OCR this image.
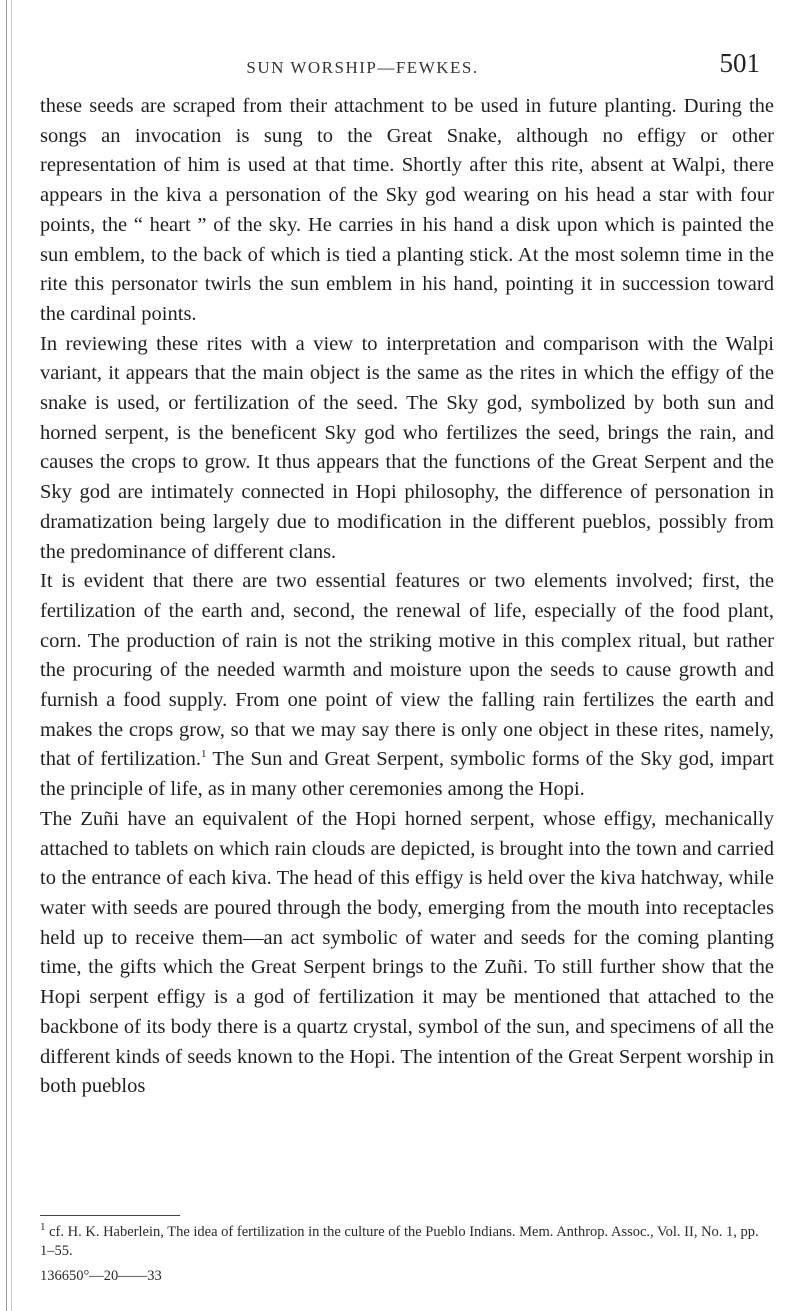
SUN WORSHIP—FEWKES.	501

these seeds are scraped from their attachment to be used in future planting. During the songs an invocation is sung to the Great Snake, although no effigy or other representation of him is used at that time. Shortly after this rite, absent at Walpi, there appears in the kiva a personation of the Sky god wearing on his head a star with four points, the “ heart ” of the sky. He carries in his hand a disk upon which is painted the sun emblem, to the back of which is tied a planting stick. At the most solemn time in the rite this personator twirls the sun emblem in his hand, pointing it in succession toward the cardinal points.

In reviewing these rites with a view to interpretation and comparison with the Walpi variant, it appears that the main object is the same as the rites in which the effigy of the snake is used, or fertilization of the seed. The Sky god, symbolized by both sun and horned serpent, is the beneficent Sky god who fertilizes the seed, brings the rain, and causes the crops to grow. It thus appears that the functions of the Great Serpent and the Sky god are intimately connected in Hopi philosophy, the difference of personation in dramatization being largely due to modification in the different pueblos, possibly from the predominance of different clans.

It is evident that there are two essential features or two elements involved; first, the fertilization of the earth and, second, the renewal of life, especially of the food plant, corn. The production of rain is not the striking motive in this complex ritual, but rather the procuring of the needed warmth and moisture upon the seeds to cause growth and furnish a food supply. From one point of view the falling rain fertilizes the earth and makes the crops grow, so that we may say there is only one object in these rites, namely, that of fertilization.$^1$ The Sun and Great Serpent, symbolic forms of the Sky god, impart the principle of life, as in many other ceremonies among the Hopi.

The Zuñi have an equivalent of the Hopi horned serpent, whose effigy, mechanically attached to tablets on which rain clouds are depicted, is brought into the town and carried to the entrance of each kiva. The head of this effigy is held over the kiva hatchway, while water with seeds are poured through the body, emerging from the mouth into receptacles held up to receive them—an act symbolic of water and seeds for the coming planting time, the gifts which the Great Serpent brings to the Zuñi. To still further show that the Hopi serpent effigy is a god of fertilization it may be mentioned that attached to the backbone of its body there is a quartz crystal, symbol of the sun, and specimens of all the different kinds of seeds known to the Hopi. The intention of the Great Serpent worship in both pueblos

$^1$ cf. H. K. Haberlein, The idea of fertilization in the culture of the Pueblo Indians. Mem. Anthrop. Assoc., Vol. II, No. 1, pp. 1–55.
136650°—20——33
